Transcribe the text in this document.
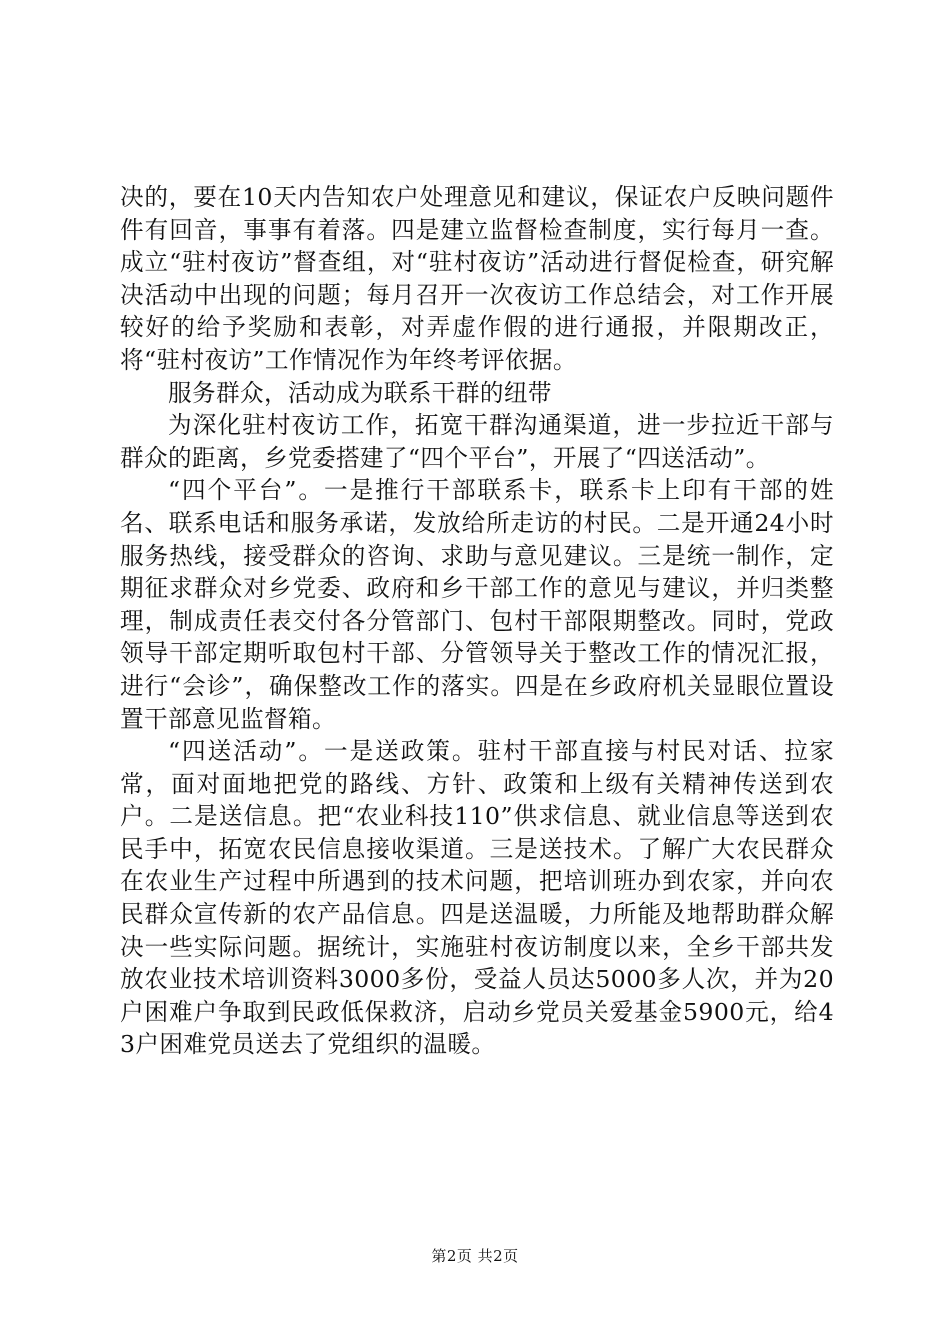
决的，要在10天内告知农户处理意见和建议，保证农户反映问题件件有回音，事事有着落。四是建立监督检查制度，实行每月一查。成立“驻村夜访”督查组，对“驻村夜访”活动进行督促检查，研究解决活动中出现的问题；每月召开一次夜访工作总结会，对工作开展较好的给予奖励和表彰，对弄虚作假的进行通报，并限期改正，将“驻村夜访”工作情况作为年终考评依据。

服务群众，活动成为联系干群的纽带

为深化驻村夜访工作，拓宽干群沟通渠道，进一步拉近干部与群众的距离，乡党委搭建了“四个平台”，开展了“四送活动”。

“四个平台”。一是推行干部联系卡，联系卡上印有干部的姓名、联系电话和服务承诺，发放给所走访的村民。二是开通24小时服务热线，接受群众的咨询、求助与意见建议。三是统一制作，定期征求群众对乡党委、政府和乡干部工作的意见与建议，并归类整理，制成责任表交付各分管部门、包村干部限期整改。同时，党政领导干部定期听取包村干部、分管领导关于整改工作的情况汇报，进行“会诊”，确保整改工作的落实。四是在乡政府机关显眼位置设置干部意见监督箱。

“四送活动”。一是送政策。驻村干部直接与村民对话、拉家常，面对面地把党的路线、方针、政策和上级有关精神传送到农户。二是送信息。把“农业科技110”供求信息、就业信息等送到农民手中，拓宽农民信息接收渠道。三是送技术。了解广大农民群众在农业生产过程中所遇到的技术问题，把培训班办到农家，并向农民群众宣传新的农产品信息。四是送温暖，力所能及地帮助群众解决一些实际问题。据统计，实施驻村夜访制度以来，全乡干部共发放农业技术培训资料3000多份，受益人员达5000多人次，并为20户困难户争取到民政低保救济，启动乡党员关爱基金5900元，给43户困难党员送去了党组织的温暖。

第2页 共2页
